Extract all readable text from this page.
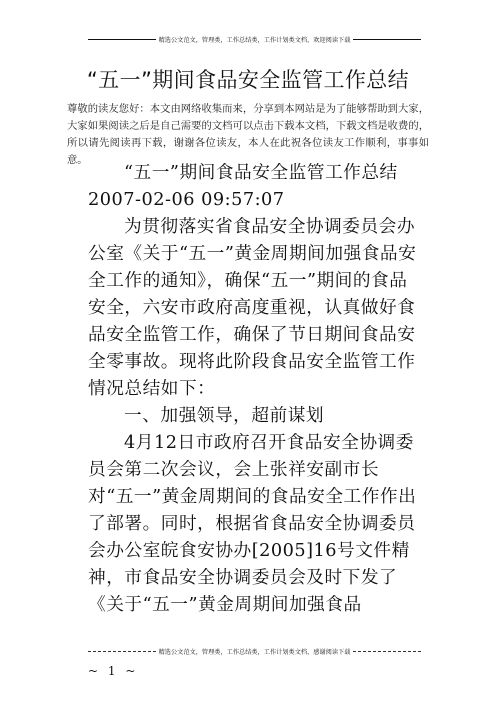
精选公文范文，管理类，工作总结类，工作计划类文档，欢迎阅读下载
“五一”期间食品安全监管工作总结
尊敬的读友您好：本文由网络收集而来，分享到本网站是为了能够帮助到大家，大家如果阅读之后是自己需要的文档可以点击下载本文档，下载文档是收费的，所以请先阅读再下载，谢谢各位读友，本人在此祝各位读友工作顺利，事事如意。

“五一”期间食品安全监管工作总结

2007-02-06 09:57:07

为贯彻落实省食品安全协调委员会办公室《关于“五一”黄金周期间加强食品安全工作的通知》，确保“五一”期间的食品安全，六安市政府高度重视，认真做好食品安全监管工作，确保了节日期间食品安全零事故。现将此阶段食品安全监管工作情况总结如下：

一、加强领导，超前谋划

4月12日市政府召开食品安全协调委员会第二次会议，会上张祥安副市长对“五一”黄金周期间的食品安全工作作出了部署。同时，根据省食品安全协调委员会办公室皖食安协办[2005]16号文件精神，市食品安全协调委员会及时下发了《关于“五一”黄金周期间加强食品

精选公文范文，管理类，工作总结类，工作计划类文档，感谢阅读下载
~ 1 ~
